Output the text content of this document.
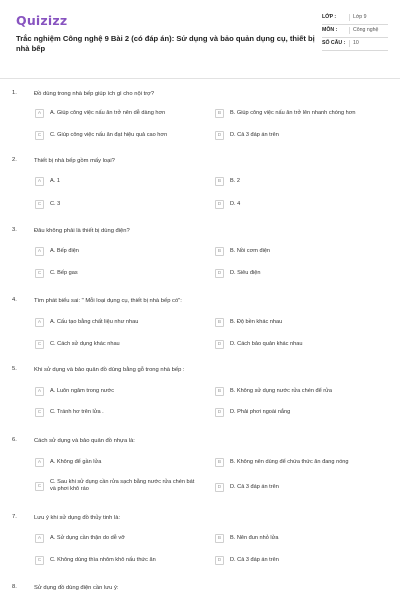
Quizizz
Trắc nghiệm Công nghệ 9 Bài 2 (có đáp án): Sử dụng và bảo quản dụng cụ, thiết bị nhà bếp
LỚP :	Lớp 9
MÔN :	Công nghệ
SỐ CÂU :	10
1.	Đồ dùng trong nhà bếp giúp ích gì cho nội trợ?
A	A. Giúp công việc nấu ăn trở nên dễ dàng hơn	B	B. Giúp công việc nấu ăn trở lên nhanh chóng hơn
C	C. Giúp công việc nấu ăn đạt hiệu quả cao hơn	D	D. Cả 3 đáp án trên
2.	Thiết bị nhà bếp gồm mấy loại?
A	A. 1	B	B. 2
C	C. 3	D	D. 4
3.	Đâu không phải là thiết bị dùng điện?
A	A. Bếp điện	B	B. Nồi cơm điện
C	C. Bếp gas	D	D. Siêu điện
4.	Tìm phát biểu sai: " Mỗi loại dụng cụ, thiết bị nhà bếp có":
A	A. Cấu tạo bằng chất liệu như nhau	B	B. Độ bền khác nhau
C	C. Cách sử dụng khác nhau	D	D. Cách bảo quản khác nhau
5.	Khi sử dụng và bảo quản đồ dùng bằng gỗ trong nhà bếp :
A	A. Luôn ngâm trong nước	B	B. Không sử dụng nước rửa chén để rửa
C	C. Tránh hơ trên lửa .	D	D. Phải phơi ngoài nắng
6.	Cách sử dụng và bảo quản đồ nhựa là:
A	A. Không để gần lửa	B	B. Không nên dùng để chứa thức ăn đang nóng
C
C. Sau khi sử dụng cần rửa sạch bằng nước rửa chén bát và phơi khô ráo	D	D. Cả 3 đáp án trên
7.	Lưu ý khi sử dụng đồ thủy tinh là:
A	A. Sử dụng cần thận do dễ vỡ	B	B. Nên đun nhỏ lửa
C	C. Không dùng thìa nhôm khô nấu thức ăn	D	D. Cả 3 đáp án trên
8.	Sử dụng đồ dùng điện cần lưu ý:
